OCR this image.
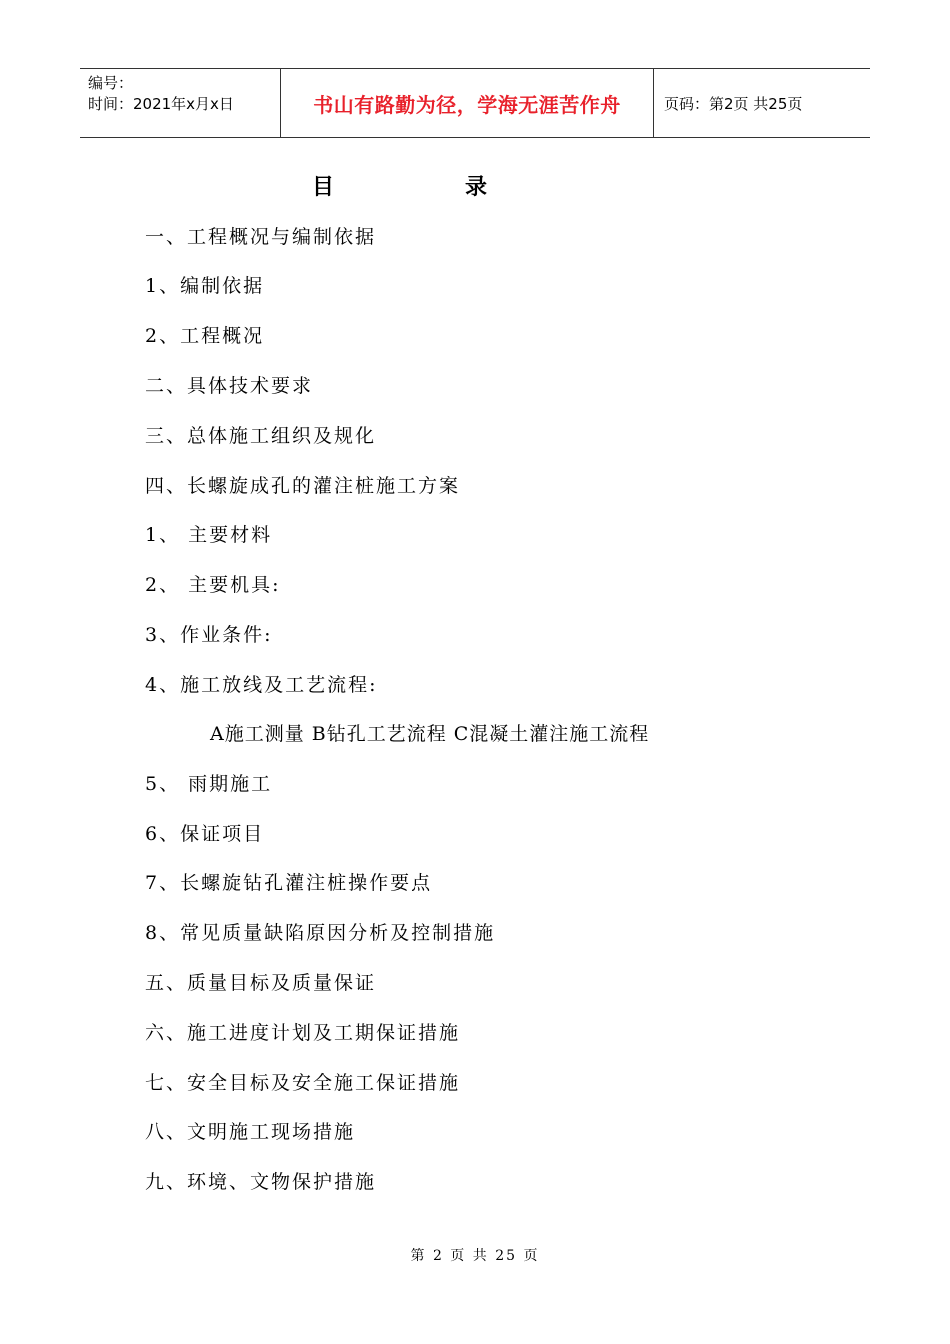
编号：
时间：2021年x月x日	书山有路勤为径，学海无涯苦作舟	页码：第2页 共25页
目	录
一、工程概况与编制依据
1、编制依据
2、工程概况
二、具体技术要求
三、总体施工组织及规化
四、长螺旋成孔的灌注桩施工方案
1、 主要材料
2、 主要机具:
3、作业条件:
4、施工放线及工艺流程:
A施工测量 B钻孔工艺流程 C混凝土灌注施工流程
5、 雨期施工
6、保证项目
7、长螺旋钻孔灌注桩操作要点
8、常见质量缺陷原因分析及控制措施
五、质量目标及质量保证
六、施工进度计划及工期保证措施
七、安全目标及安全施工保证措施
八、文明施工现场措施
九、环境、文物保护措施
第 2 页 共 25 页
